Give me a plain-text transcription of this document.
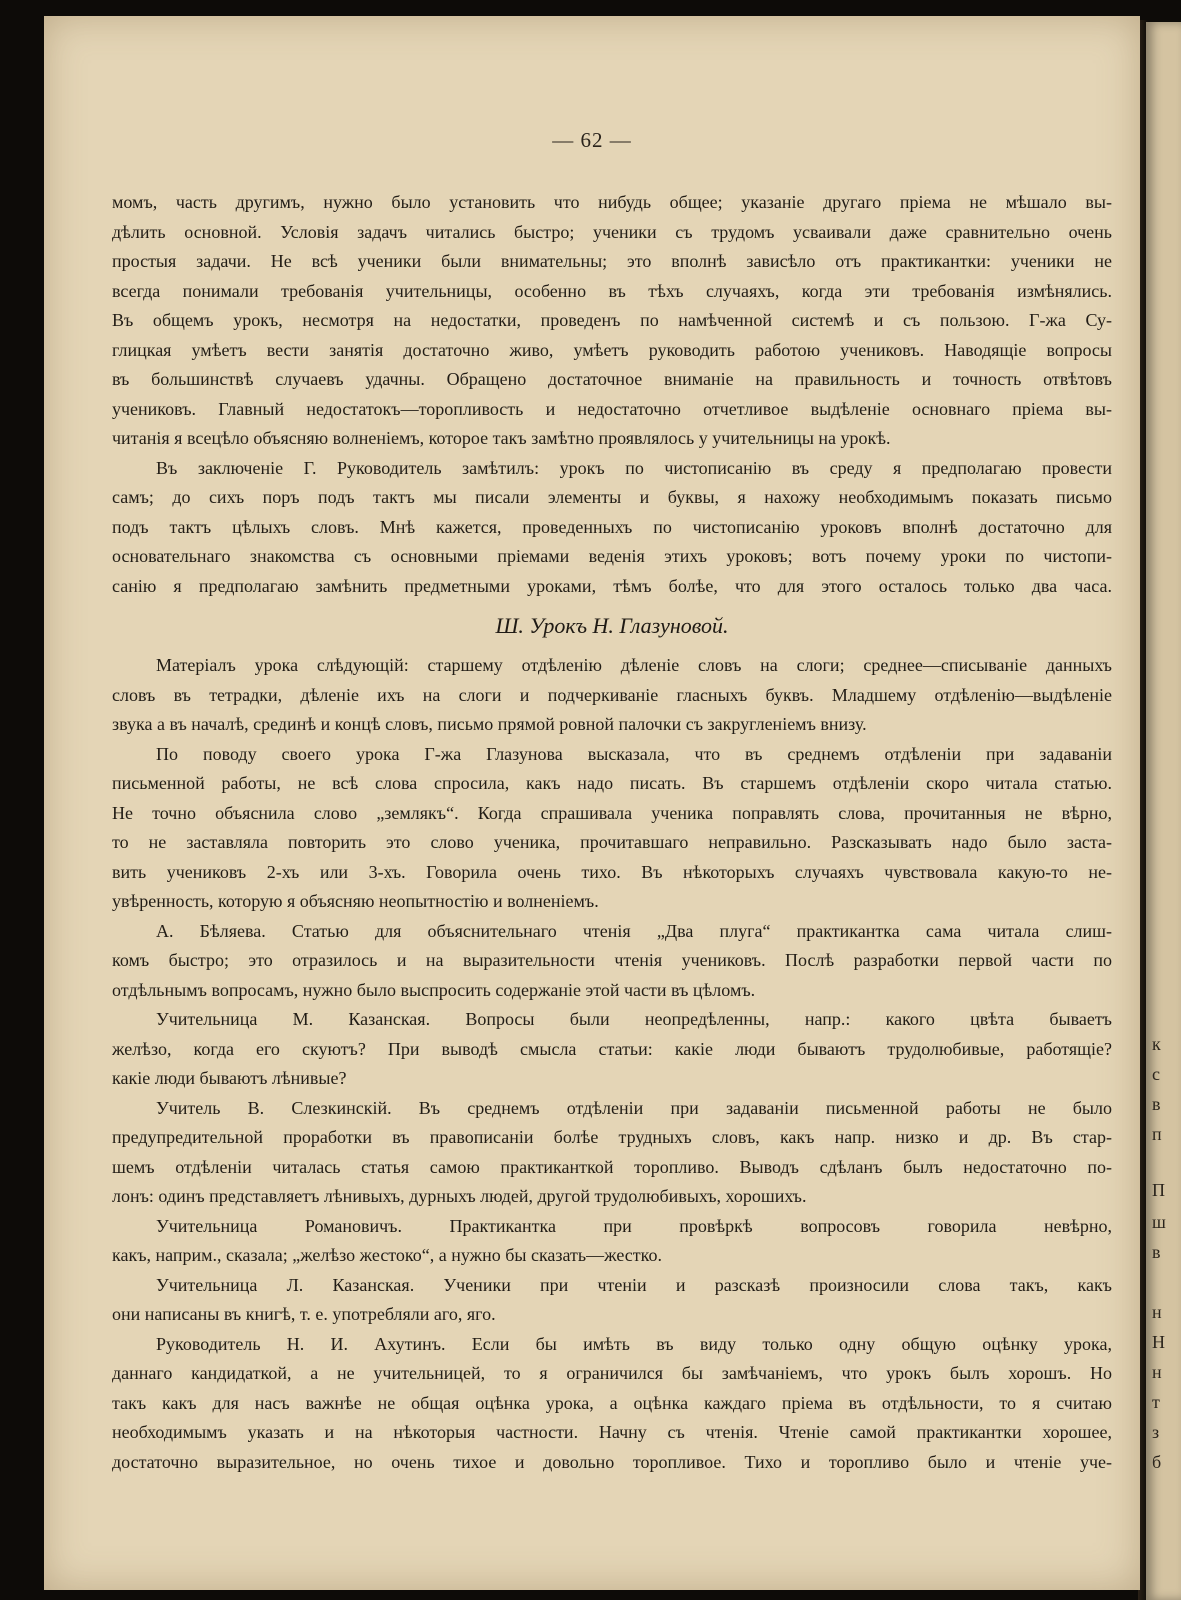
к
с
в
п
П
ш
в
н
Н
н
т
з
б
— 62 —
момъ, часть другимъ, нужно было установить что нибудь общее; указаніе другаго пріема не мѣшало вы-
дѣлить основной. Условія задачъ читались быстро; ученики съ трудомъ усваивали даже сравнительно очень
простыя задачи. Не всѣ ученики были внимательны; это вполнѣ зависѣло отъ практикантки: ученики не
всегда понимали требованія учительницы, особенно въ тѣхъ случаяхъ, когда эти требованія измѣнялись.
Въ общемъ урокъ, несмотря на недостатки, проведенъ по намѣченной системѣ и съ пользою. Г-жа Су-
глицкая умѣетъ вести занятія достаточно живо, умѣетъ руководить работою учениковъ. Наводящіе вопросы
въ большинствѣ случаевъ удачны. Обращено достаточное вниманіе на правильность и точность отвѣтовъ
учениковъ. Главный недостатокъ—торопливость и недостаточно отчетливое выдѣленіе основнаго пріема вы-
читанія я всецѣло объясняю волненіемъ, которое такъ замѣтно проявлялось у учительницы на урокѣ.
Въ заключеніе Г. Руководитель замѣтилъ: урокъ по чистописанію въ среду я предполагаю провести
самъ; до сихъ поръ подъ тактъ мы писали элементы и буквы, я нахожу необходимымъ показать письмо
подъ тактъ цѣлыхъ словъ. Мнѣ кажется, проведенныхъ по чистописанію уроковъ вполнѣ достаточно для
основательнаго знакомства съ основными пріемами веденія этихъ уроковъ; вотъ почему уроки по чистопи-
санію я предполагаю замѣнить предметными уроками, тѣмъ болѣе, что для этого осталось только два часа.
Ш. Урокъ Н. Глазуновой.
Матеріалъ урока слѣдующій: старшему отдѣленію дѣленіе словъ на слоги; среднее—списываніе данныхъ
словъ въ тетрадки, дѣленіе ихъ на слоги и подчеркиваніе гласныхъ буквъ. Младшему отдѣленію—выдѣленіе
звука а въ началѣ, срединѣ и концѣ словъ, письмо прямой ровной палочки съ закругленіемъ внизу.
По поводу своего урока Г-жа Глазунова высказала, что въ среднемъ отдѣленіи при задаваніи
письменной работы, не всѣ слова спросила, какъ надо писать. Въ старшемъ отдѣленіи скоро читала статью.
Не точно объяснила слово „землякъ“. Когда спрашивала ученика поправлять слова, прочитанныя не вѣрно,
то не заставляла повторить это слово ученика, прочитавшаго неправильно. Разсказывать надо было заста-
вить учениковъ 2-хъ или 3-хъ. Говорила очень тихо. Въ нѣкоторыхъ случаяхъ чувствовала какую-то не-
увѣренность, которую я объясняю неопытностію и волненіемъ.
А. Бѣляева. Статью для объяснительнаго чтенія „Два плуга“ практикантка сама читала слиш-
комъ быстро; это отразилось и на выразительности чтенія учениковъ. Послѣ разработки первой части по
отдѣльнымъ вопросамъ, нужно было выспросить содержаніе этой части въ цѣломъ.
Учительница М. Казанская. Вопросы были неопредѣленны, напр.: какого цвѣта бываетъ
желѣзо, когда его скуютъ? При выводѣ смысла статьи: какіе люди бываютъ трудолюбивые, работящіе?
какіе люди бываютъ лѣнивые?
Учитель В. Слезкинскій. Въ среднемъ отдѣленіи при задаваніи письменной работы не было
предупредительной проработки въ правописаніи болѣе трудныхъ словъ, какъ напр. низко и др. Въ стар-
шемъ отдѣленіи читалась статья самою практиканткой торопливо. Выводъ сдѣланъ былъ недостаточно по-
лонъ: одинъ представляетъ лѣнивыхъ, дурныхъ людей, другой трудолюбивыхъ, хорошихъ.
Учительница Романовичъ. Практикантка при провѣркѣ вопросовъ говорила невѣрно,
какъ, наприм., сказала; „желѣзо жестоко“, а нужно бы сказать—жестко.
Учительница Л. Казанская. Ученики при чтеніи и разсказѣ произносили слова такъ, какъ
они написаны въ книгѣ, т. е. употребляли аго, яго.
Руководитель Н. И. Ахутинъ. Если бы имѣть въ виду только одну общую оцѣнку урока,
даннаго кандидаткой, а не учительницей, то я ограничился бы замѣчаніемъ, что урокъ былъ хорошъ. Но
такъ какъ для насъ важнѣе не общая оцѣнка урока, а оцѣнка каждаго пріема въ отдѣльности, то я считаю
необходимымъ указать и на нѣкоторыя частности. Начну съ чтенія. Чтеніе самой практикантки хорошее,
достаточно выразительное, но очень тихое и довольно торопливое. Тихо и торопливо было и чтеніе уче-
